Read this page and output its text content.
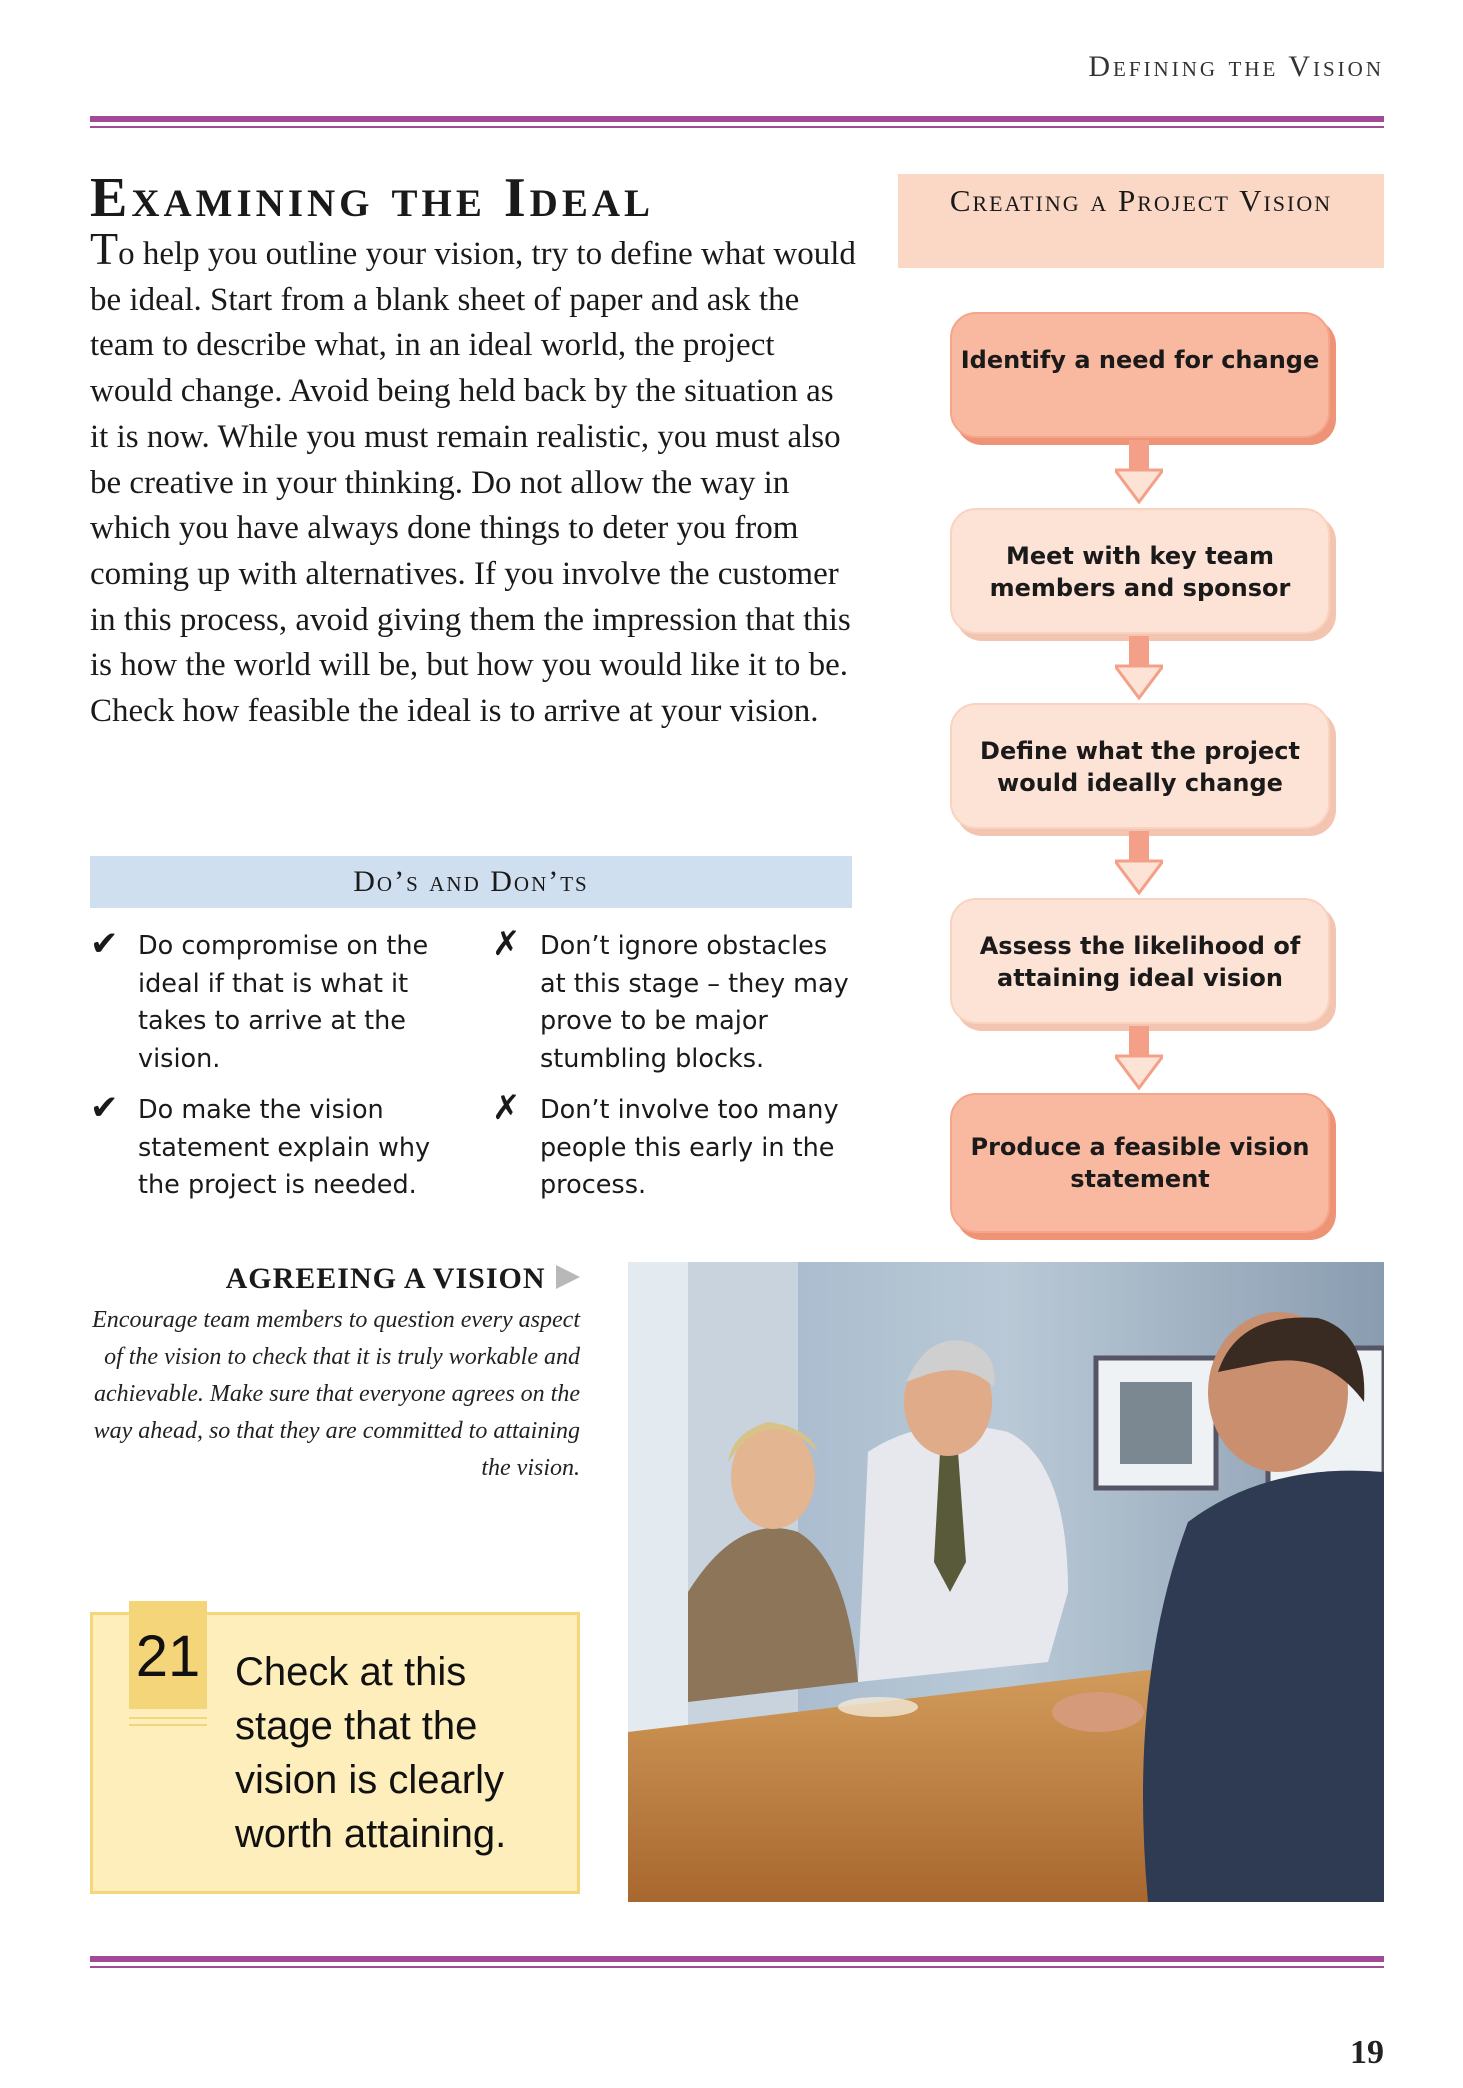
Defining the Vision
Examining the Ideal

To help you outline your vision, try to define what would be ideal. Start from a blank sheet of paper and ask the team to describe what, in an ideal world, the project would change. Avoid being held back by the situation as it is now. While you must remain realistic, you must also be creative in your thinking. Do not allow the way in which you have always done things to deter you from coming up with alternatives. If you involve the customer in this process, avoid giving them the impression that this is how the world will be, but how you would like it to be. Check how feasible the ideal is to arrive at your vision.

Do’s and Don’ts
✔ Do compromise on the ideal if that is what it takes to arrive at the vision.
✔ Do make the vision statement explain why the project is needed.
✗ Don’t ignore obstacles at this stage – they may prove to be major stumbling blocks.
✗ Don’t involve too many people this early in the process.
Creating a Project Vision
Identify a need for change
Meet with key team members and sponsor
Define what the project would ideally change
Assess the likelihood of attaining ideal vision
Produce a feasible vision statement
AGREEING A VISION

Encourage team members to question every aspect of the vision to check that it is truly workable and achievable. Make sure that everyone agrees on the way ahead, so that they are committed to attaining the vision.

21 Check at this stage that the vision is clearly worth attaining.
19
